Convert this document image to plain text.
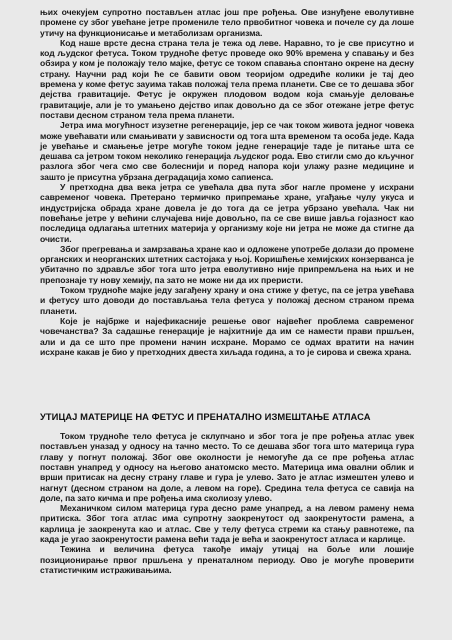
њих очекујем супротно постављен атлас још пре рођења. Ове изнуђене еволутивне промене су због увећане јетре промениле тело првобитног човека и почеле су да лоше утичу на функционисање и метаболизам организма.

Код наше врсте десна страна тела је тежа од леве. Наравно, то је све присутно и код људског фетуса. Током трудноће фетус проведе око 90% времена у спавању и без обзира у ком је положају тело мајке, фетус се током спавања спонтано окрене на десну страну. Научни рад који ће се бавити овом теоријом одредиће колики је тај део времена у коме фетус зауима таkав положај тела према планети. Све се то дешава због дејства гравитације. Фетус је окружен плодовом водом која смањује деловање гравитације, али је то умањено дејство ипак довољно да се због отежане јетре фетус постави десном страном тела према планети.

Јетра има могућност изузетне регенерације, јер се чак током живота једног човека може увећавати или смањивати у зависности од тога шта временом та особа једе. Када је увећање и смањење јетре могуће током једне генерације таде је питање шта се дешава са јетром током неколико генерација људског рода. Ево стигли смо до кључног разлога због чега смо све болеснији и поред напора који улажу разне медицине и зашто је присутна убрзана деградација хомо сапиенса.

У претходна два века јетра се увећала два пута због нагле промене у исхрани савременог човека. Претерано термичко припремање хране, угађање чулу укуса и индустријска обрада хране довела је до тога да се јетра убрзано увећала. Чак ни повећање јетре у већини случајева није довољно, па се све више јавља гојазност као последица одлагања штетних материја у организму које ни јетра не може да стигне да очисти.

Због прегревања и замрзавања хране као и одложене употребе долази до промене органских и неорганских штетних састојака у њој. Коришћење хемијских конзерванса је убитачно по здравље због тога што јетра еволутивно није припремљена на њих и не препознаје ту нову хемију, па зато не може ни да их преристи.

Током трудноће мајке једу загађену храну и она стиже у фетус, па се јетра увећава и фетусу што доводи до постављања тела фетуса у положај десном страном према планети.

Које је најбрже и најефикасније решење овог највећег проблема савременог човечанства? За садашње генерације је најхитније да им се намести прави пршљен, али и да се што пре промени начин исхране. Морамо се одмах вратити на начин исхране какав је био у претходних двеста хиљада година, а то је сирова и свежа храна.

УТИЦАЈ МАТЕРИЦЕ НА ФЕТУС И ПРЕНАТАЛНО ИЗМЕШТАЊЕ АТЛАСА

Током трудноће тело фетуса је склупчано и због тога је пре рођења атлас увек постављен уназад у односу на тачно место. То се дешава због тога што материца гура главу у погнут положај. Због ове околности је немогуће да се пре рођења атлас поставн унапред у односу на његово анатомско место. Материца има овални облик и врши притисак на десну страну главе и гура је улево. Зато је атлас измештен улево и нагнут (десном страном на доле, а левом на горе). Средина тела фетуса се савија на доле, па зато кичма и пре рођења има сколиозу улево.

Механичком силом материца гура десно раме унапред, а на левом рамену нема притиска. Због тога атлас има супротну заокренутост од заокренутости рамена, а карлица је заокренута као и атлас. Све у телу фетуса стреми ка стању равнотеже, па када је угао заокренутости рамена већи тада је већа и заокренутост атласа и карлице.

Тежина и величина фетуса такође имају утицај на боље или лошије позиционирање првог пршљена у пренаталном периоду. Ово је могуће проверити статистичким истраживањима.
